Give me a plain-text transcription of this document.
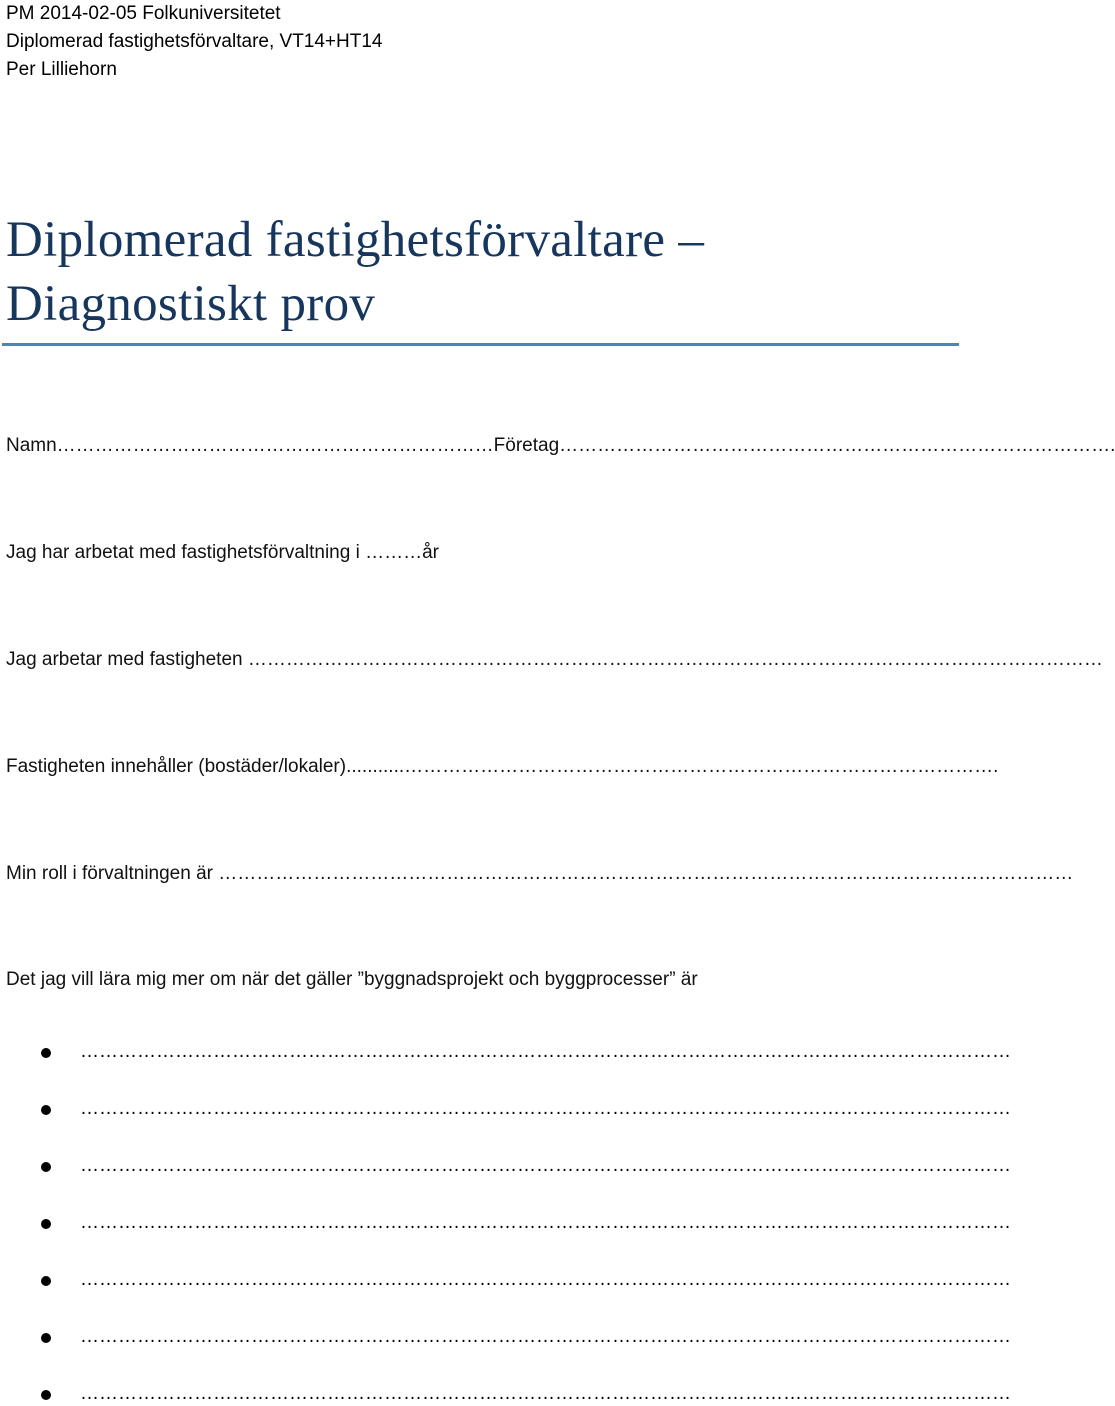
PM 2014-02-05 Folkuniversitetet
Diplomerad fastighetsförvaltare, VT14+HT14
Per Lilliehorn
Diplomerad fastighetsförvaltare –
Diagnostiskt prov
Namn……………………………………………………………Företag…………………………………………………………………………….
Jag har arbetat med fastighetsförvaltning i ………år
Jag arbetar med fastigheten ………………………………………………………………………………………………………………………
Fastigheten innehåller (bostäder/lokaler)...........………………………………………………………………………………….
Min roll i förvaltningen är ………………………………………………………………………………………………………………………
Det jag vill lära mig mer om när det gäller ”byggnadsprojekt och byggprocesser” är
…………………………………………………………………………………………………………………………………
…………………………………………………………………………………………………………………………………
…………………………………………………………………………………………………………………………………
…………………………………………………………………………………………………………………………………
…………………………………………………………………………………………………………………………………
…………………………………………………………………………………………………………………………………
…………………………………………………………………………………………………………………………………
